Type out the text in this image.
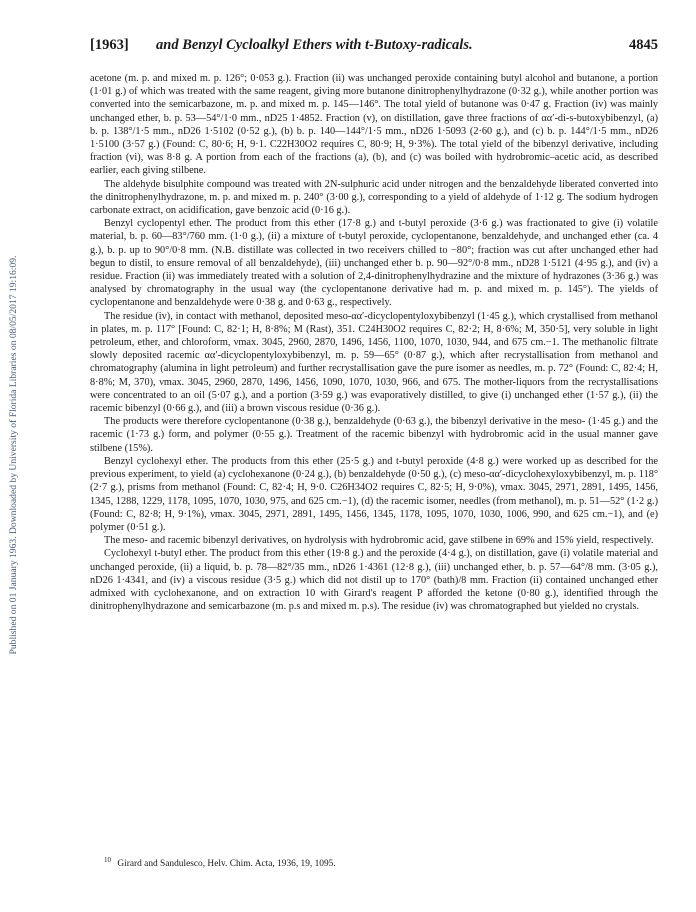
Published on 01 January 1963. Downloaded by University of Florida Libraries on 08/05/2017 19:16:09.
[1963] and Benzyl Cycloalkyl Ethers with t-Butoxy-radicals.	4845

acetone (m. p. and mixed m. p. 126°; 0·053 g.). Fraction (ii) was unchanged peroxide containing butyl alcohol and butanone, a portion (1·01 g.) of which was treated with the same reagent, giving more butanone dinitrophenylhydrazone (0·32 g.), while another portion was converted into the semicarbazone, m. p. and mixed m. p. 145—146°. The total yield of butanone was 0·47 g. Fraction (iv) was mainly unchanged ether, b. p. 53—54°/1·0 mm., nD25 1·4852. Fraction (v), on distillation, gave three fractions of αα′-di-s-butoxybibenzyl, (a) b. p. 138°/1·5 mm., nD26 1·5102 (0·52 g.), (b) b. p. 140—144°/1·5 mm., nD26 1·5093 (2·60 g.), and (c) b. p. 144°/1·5 mm., nD26 1·5100 (3·57 g.) (Found: C, 80·6; H, 9·1. C22H30O2 requires C, 80·9; H, 9·3%). The total yield of the bibenzyl derivative, including fraction (vi), was 8·8 g. A portion from each of the fractions (a), (b), and (c) was boiled with hydrobromic–acetic acid, as described earlier, each giving stilbene.

The aldehyde bisulphite compound was treated with 2N-sulphuric acid under nitrogen and the benzaldehyde liberated converted into the dinitrophenylhydrazone, m. p. and mixed m. p. 240° (3·00 g.), corresponding to a yield of aldehyde of 1·12 g. The sodium hydrogen carbonate extract, on acidification, gave benzoic acid (0·16 g.).

Benzyl cyclopentyl ether. The product from this ether (17·8 g.) and t-butyl peroxide (3·6 g.) was fractionated to give (i) volatile material, b. p. 60—83°/760 mm. (1·0 g.), (ii) a mixture of t-butyl peroxide, cyclopentanone, benzaldehyde, and unchanged ether (ca. 4 g.), b. p. up to 90°/0·8 mm. (N.B. distillate was collected in two receivers chilled to −80°; fraction was cut after unchanged ether had begun to distil, to ensure removal of all benzaldehyde), (iii) unchanged ether b. p. 90—92°/0·8 mm., nD28 1·5121 (4·95 g.), and (iv) a residue. Fraction (ii) was immediately treated with a solution of 2,4-dinitrophenylhydrazine and the mixture of hydrazones (3·36 g.) was analysed by chromatography in the usual way (the cyclopentanone derivative had m. p. and mixed m. p. 145°). The yields of cyclopentanone and benzaldehyde were 0·38 g. and 0·63 g., respectively.

The residue (iv), in contact with methanol, deposited meso-αα′-dicyclopentyloxybibenzyl (1·45 g.), which crystallised from methanol in plates, m. p. 117° [Found: C, 82·1; H, 8·8%; M (Rast), 351. C24H30O2 requires C, 82·2; H, 8·6%; M, 350·5], very soluble in light petroleum, ether, and chloroform, νmax. 3045, 2960, 2870, 1496, 1456, 1100, 1070, 1030, 944, and 675 cm.−1. The methanolic filtrate slowly deposited racemic αα′-dicyclopentyloxybibenzyl, m. p. 59—65° (0·87 g.), which after recrystallisation from methanol and chromatography (alumina in light petroleum) and further recrystallisation gave the pure isomer as needles, m. p. 72° (Found: C, 82·4; H, 8·8%; M, 370), νmax. 3045, 2960, 2870, 1496, 1456, 1090, 1070, 1030, 966, and 675. The mother-liquors from the recrystallisations were concentrated to an oil (5·07 g.), and a portion (3·59 g.) was evaporatively distilled, to give (i) unchanged ether (1·57 g.), (ii) the racemic bibenzyl (0·66 g.), and (iii) a brown viscous residue (0·36 g.).

The products were therefore cyclopentanone (0·38 g.), benzaldehyde (0·63 g.), the bibenzyl derivative in the meso- (1·45 g.) and the racemic (1·73 g.) form, and polymer (0·55 g.). Treatment of the racemic bibenzyl with hydrobromic acid in the usual manner gave stilbene (15%).

Benzyl cyclohexyl ether. The products from this ether (25·5 g.) and t-butyl peroxide (4·8 g.) were worked up as described for the previous experiment, to yield (a) cyclohexanone (0·24 g.), (b) benzaldehyde (0·50 g.), (c) meso-αα′-dicyclohexyloxybibenzyl, m. p. 118° (2·7 g.), prisms from methanol (Found: C, 82·4; H, 9·0. C26H34O2 requires C, 82·5; H, 9·0%), νmax. 3045, 2971, 2891, 1495, 1456, 1345, 1288, 1229, 1178, 1095, 1070, 1030, 975, and 625 cm.−1), (d) the racemic isomer, needles (from methanol), m. p. 51—52° (1·2 g.) (Found: C, 82·8; H, 9·1%), νmax. 3045, 2971, 2891, 1495, 1456, 1345, 1178, 1095, 1070, 1030, 1006, 990, and 625 cm.−1), and (e) polymer (0·51 g.).

The meso- and racemic bibenzyl derivatives, on hydrolysis with hydrobromic acid, gave stilbene in 69% and 15% yield, respectively.

Cyclohexyl t-butyl ether. The product from this ether (19·8 g.) and the peroxide (4·4 g.), on distillation, gave (i) volatile material and unchanged peroxide, (ii) a liquid, b. p. 78—82°/35 mm., nD26 1·4361 (12·8 g.), (iii) unchanged ether, b. p. 57—64°/8 mm. (3·05 g.), nD26 1·4341, and (iv) a viscous residue (3·5 g.) which did not distil up to 170° (bath)/8 mm. Fraction (ii) contained unchanged ether admixed with cyclohexanone, and on extraction 10 with Girard's reagent P afforded the ketone (0·80 g.), identified through the dinitrophenylhydrazone and semicarbazone (m. p.s and mixed m. p.s). The residue (iv) was chromatographed but yielded no crystals.

$^{10}$ Girard and Sandulesco, Helv. Chim. Acta, 1936, 19, 1095.
